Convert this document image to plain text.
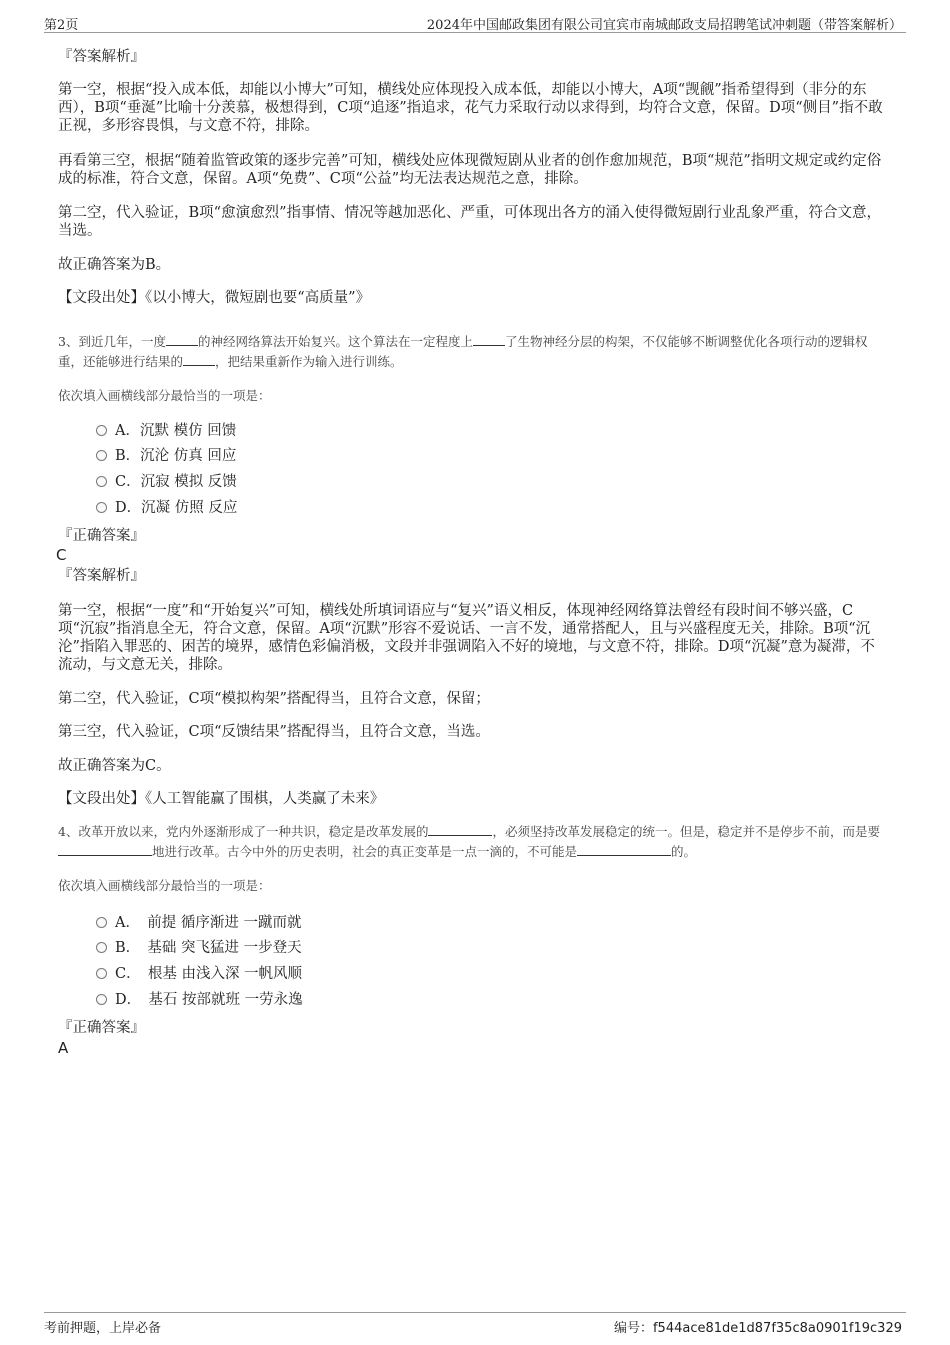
第2页	2024年中国邮政集团有限公司宜宾市南城邮政支局招聘笔试冲刺题（带答案解析）
『答案解析』
第一空，根据“投入成本低，却能以小博大”可知，横线处应体现投入成本低，却能以小博大，A项“觊觎”指希望得到（非分的东西），B项“垂涎”比喻十分羡慕，极想得到，C项“追逐”指追求，花气力采取行动以求得到，均符合文意，保留。D项“侧目”指不敢正视，多形容畏惧，与文意不符，排除。
再看第三空，根据“随着监管政策的逐步完善”可知，横线处应体现微短剧从业者的创作愈加规范，B项“规范”指明文规定或约定俗成的标准，符合文意，保留。A项“免费”、C项“公益”均无法表达规范之意，排除。
第二空，代入验证，B项“愈演愈烈”指事情、情况等越加恶化、严重，可体现出各方的涌入使得微短剧行业乱象严重，符合文意，当选。
故正确答案为B。
【文段出处】《以小博大，微短剧也要“高质量”》
3、到近几年，一度	的神经网络算法开始复兴。这个算法在一定程度上	了生物神经分层的构架，不仅能够不断调整优化各项行动的逻辑权重，还能够进行结果的	，把结果重新作为输入进行训练。
依次填入画横线部分最恰当的一项是：
A．沉默 模仿 回馈
B．沉沦 仿真 回应
C．沉寂 模拟 反馈
D．沉凝 仿照 反应
『正确答案』
C
『答案解析』
第一空，根据“一度”和“开始复兴”可知，横线处所填词语应与“复兴”语义相反，体现神经网络算法曾经有段时间不够兴盛，C项“沉寂”指消息全无，符合文意，保留。A项“沉默”形容不爱说话、一言不发，通常搭配人，且与兴盛程度无关，排除。B项“沉沦”指陷入罪恶的、困苦的境界，感情色彩偏消极，文段并非强调陷入不好的境地，与文意不符，排除。D项“沉凝”意为凝滞，不流动，与文意无关，排除。
第二空，代入验证，C项“模拟构架”搭配得当，且符合文意，保留；
第三空，代入验证，C项“反馈结果”搭配得当，且符合文意，当选。
故正确答案为C。
【文段出处】《人工智能赢了围棋，人类赢了未来》
4、改革开放以来，党内外逐渐形成了一种共识，稳定是改革发展的	，必须坚持改革发展稳定的统一。但是，稳定并不是停步不前，而是要地进行改革。古今中外的历史表明，社会的真正变革是一点一滴的，不可能是	的。
依次填入画横线部分最恰当的一项是：
A．　前提 循序渐进 一蹴而就
B．　基础 突飞猛进 一步登天
C．　根基 由浅入深 一帆风顺
D．　基石 按部就班 一劳永逸
『正确答案』
A
考前押题，上岸必备	编号：f544ace81de1d87f35c8a0901f19c329
